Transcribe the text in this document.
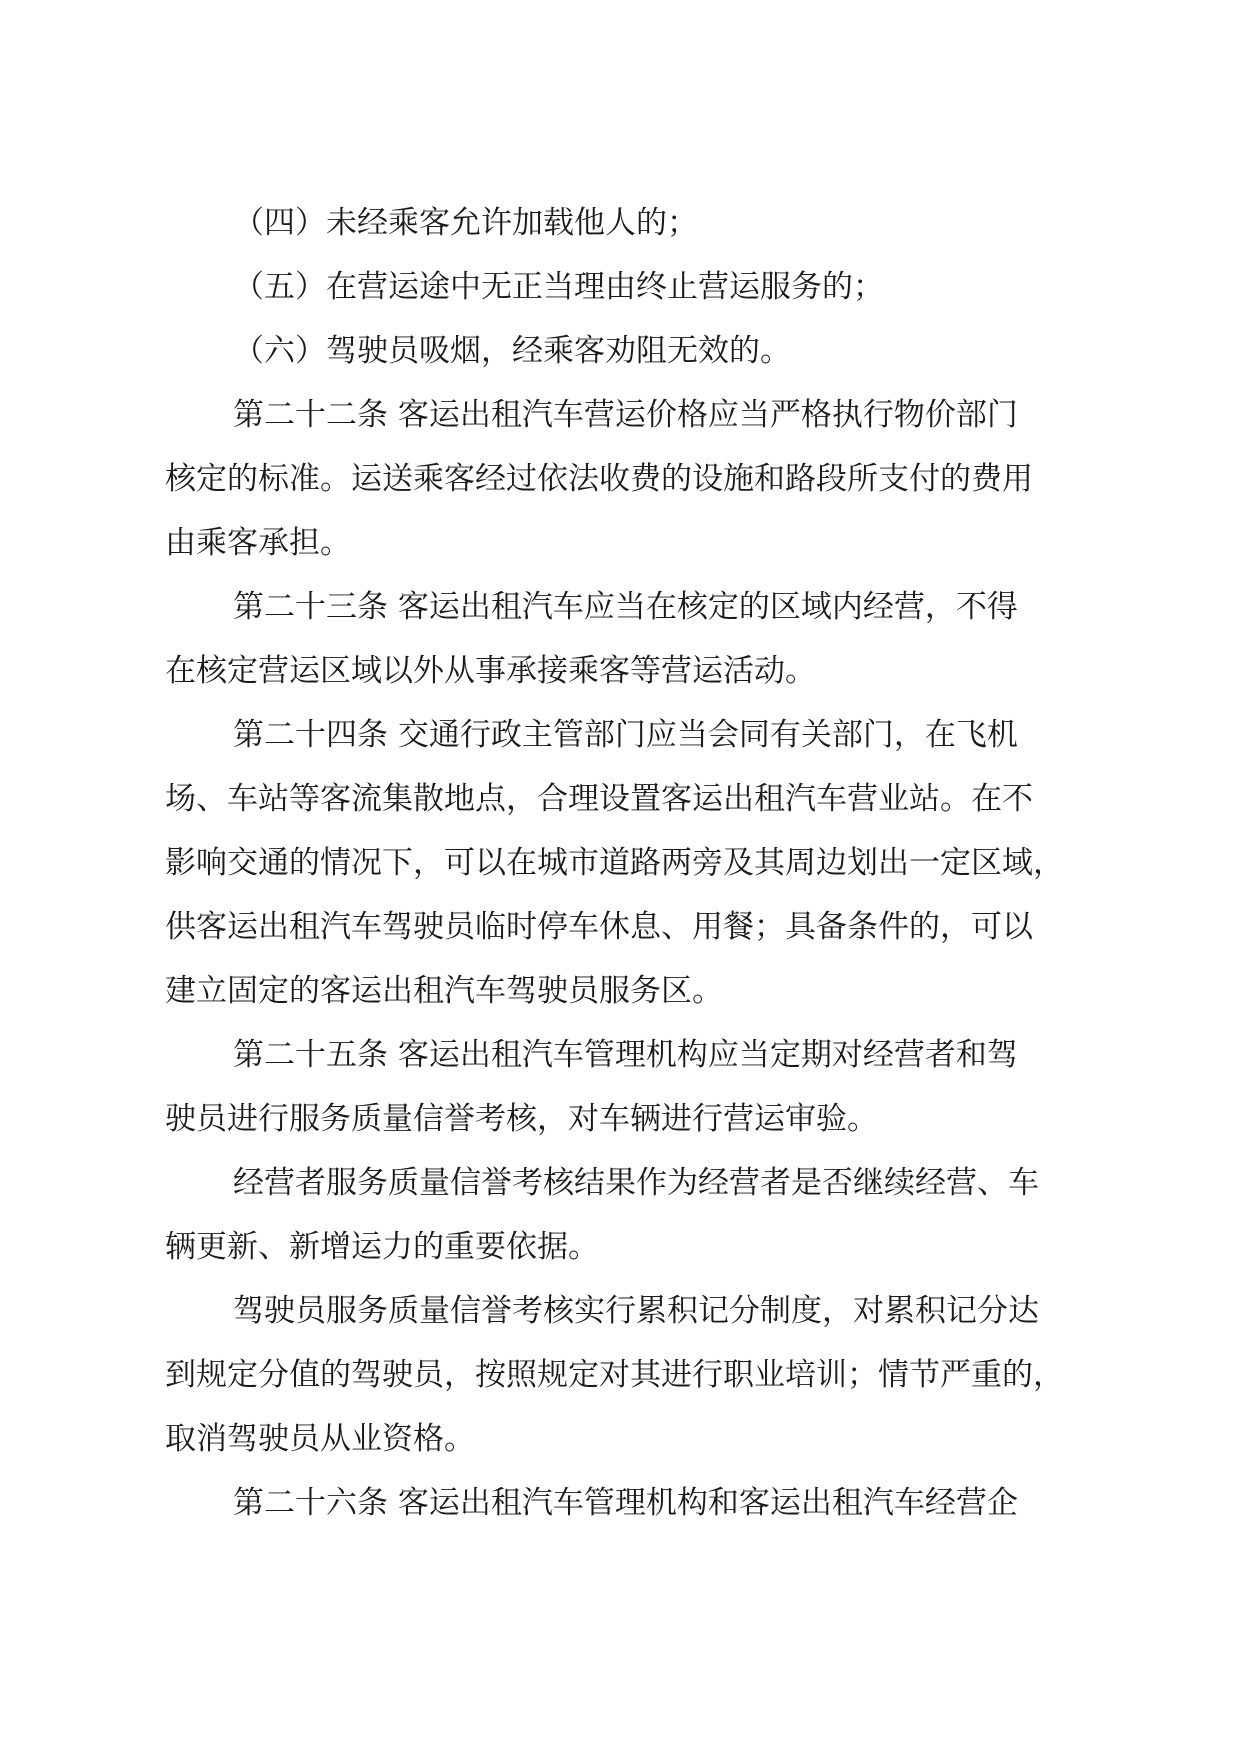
（四）未经乘客允许加载他人的；
（五）在营运途中无正当理由终止营运服务的；
（六）驾驶员吸烟，经乘客劝阻无效的。
第二十二条 客运出租汽车营运价格应当严格执行物价部门
核定的标准。运送乘客经过依法收费的设施和路段所支付的费用
由乘客承担。
第二十三条 客运出租汽车应当在核定的区域内经营，不得
在核定营运区域以外从事承接乘客等营运活动。
第二十四条 交通行政主管部门应当会同有关部门，在飞机
场、车站等客流集散地点，合理设置客运出租汽车营业站。在不
影响交通的情况下，可以在城市道路两旁及其周边划出一定区域，
供客运出租汽车驾驶员临时停车休息、用餐；具备条件的，可以
建立固定的客运出租汽车驾驶员服务区。
第二十五条 客运出租汽车管理机构应当定期对经营者和驾
驶员进行服务质量信誉考核，对车辆进行营运审验。
经营者服务质量信誉考核结果作为经营者是否继续经营、车
辆更新、新增运力的重要依据。
驾驶员服务质量信誉考核实行累积记分制度，对累积记分达
到规定分值的驾驶员，按照规定对其进行职业培训；情节严重的，
取消驾驶员从业资格。
第二十六条 客运出租汽车管理机构和客运出租汽车经营企
